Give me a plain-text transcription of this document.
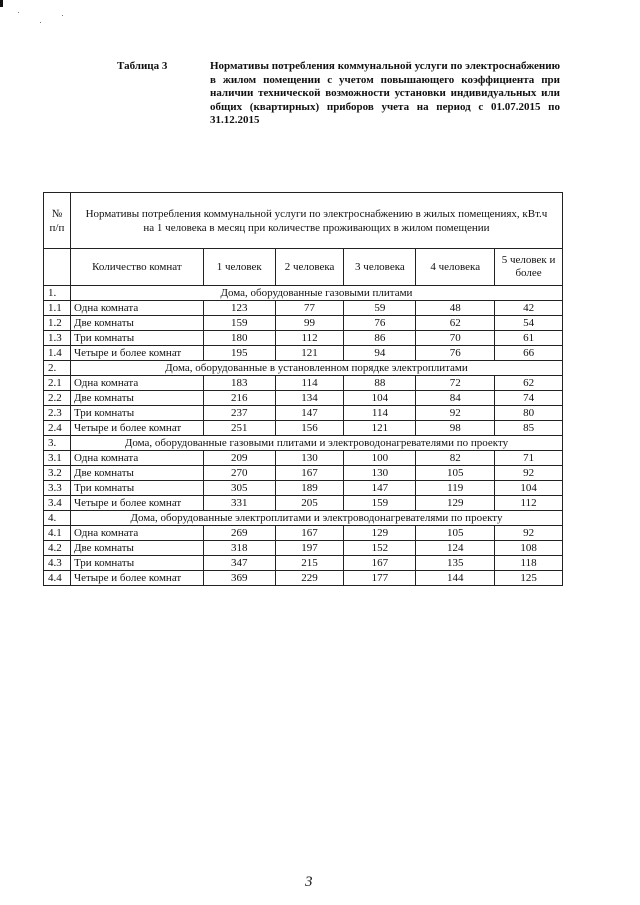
Таблица 3	Нормативы потребления коммунальной услуги по электроснабжению в жилом помещении с учетом повышающего коэффициента при наличии технической возможности установки индивидуальных или общих (квартирных) приборов учета на период с 01.07.2015 по 31.12.2015
№ п/п	Нормативы потребления коммунальной услуги по электроснабжению в жилых помещениях, кВт.ч на 1 человека в месяц при количестве проживающих в жилом помещении					
	Количество комнат	1 человек	2 человека	3 человека	4 человека	5 человек и более
1.	Дома, оборудованные газовыми плитами					
1.1	Одна комната	123	77	59	48	42
1.2	Две комнаты	159	99	76	62	54
1.3	Три комнаты	180	112	86	70	61
1.4	Четыре и более комнат	195	121	94	76	66
2.	Дома, оборудованные в установленном порядке электроплитами					
2.1	Одна комната	183	114	88	72	62
2.2	Две комнаты	216	134	104	84	74
2.3	Три комнаты	237	147	114	92	80
2.4	Четыре и более комнат	251	156	121	98	85
3.	Дома, оборудованные газовыми плитами и электроводонагревателями по проекту					
3.1	Одна комната	209	130	100	82	71
3.2	Две комнаты	270	167	130	105	92
3.3	Три комнаты	305	189	147	119	104
3.4	Четыре и более комнат	331	205	159	129	112
4.	Дома, оборудованные электроплитами и электроводонагревателями по проекту					
4.1	Одна комната	269	167	129	105	92
4.2	Две комнаты	318	197	152	124	108
4.3	Три комнаты	347	215	167	135	118
4.4	Четыре и более комнат	369	229	177	144	125
3
